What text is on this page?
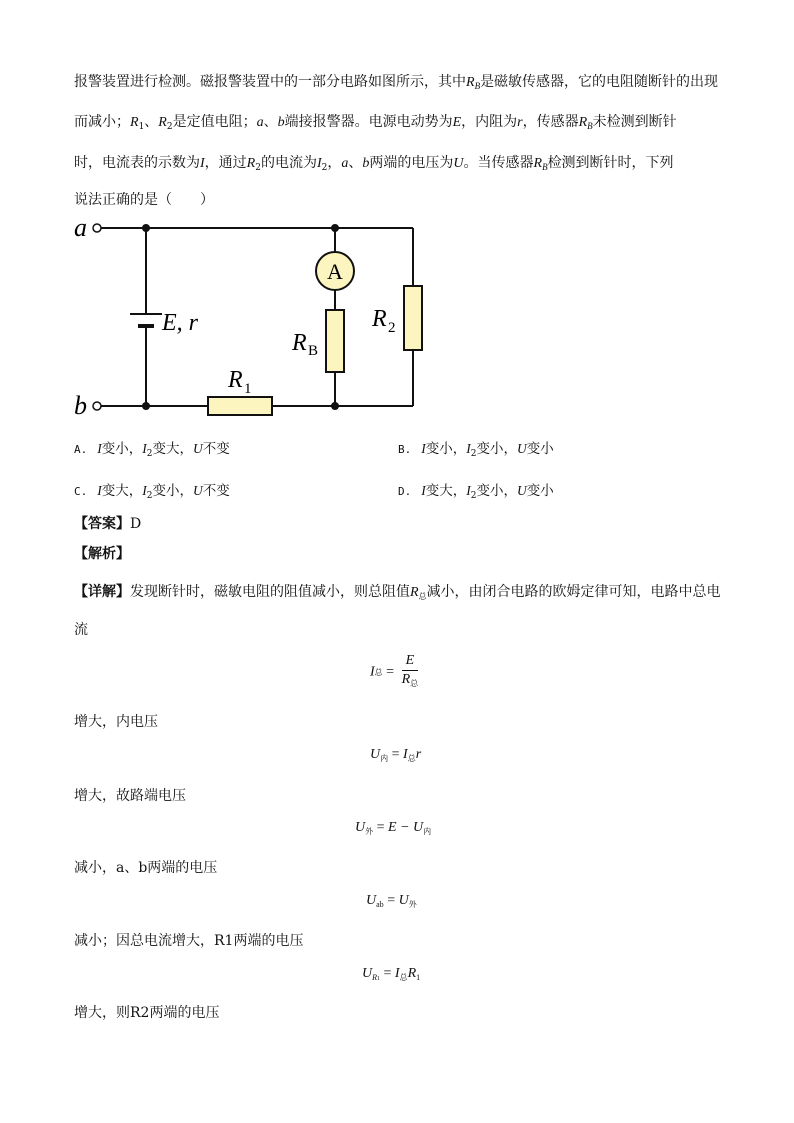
报警装置进行检测。磁报警装置中的一部分电路如图所示，其中$R_B$是磁敏传感器，它的电阻随断针的出现
而减小；$R_1$、$R_2$是定值电阻；a、b端接报警器。电源电动势为E，内阻为r，传感器$R_B$未检测到断针
时，电流表的示数为I，通过$R_2$的电流为$I_2$，a、b两端的电压为U。当传感器$R_B$检测到断针时，下列
说法正确的是（　　）
A
a
b
E, r
R B
R 2
R 1
A. I变小，$I_2$变大，U不变	B. I变小，$I_2$变小，U变小
C. I变大，$I_2$变小，U不变	D. I变大，$I_2$变小，U变小
【答案】D
【解析】
【详解】发现断针时，磁敏电阻的阻值减小，则总阻值$R_总$减小，由闭合电路的欧姆定律可知，电路中总电
流
I总 = $\frac{E}{R_总}$
增大，内电压
$U_内 = I_总r$
增大，故路端电压
$U_外 = E - U_内$
减小，a、b两端的电压
$U_{ab} = U_外$
减小；因总电流增大，R1两端的电压
$U_{R1} = I_总R_1$
增大，则R2两端的电压
